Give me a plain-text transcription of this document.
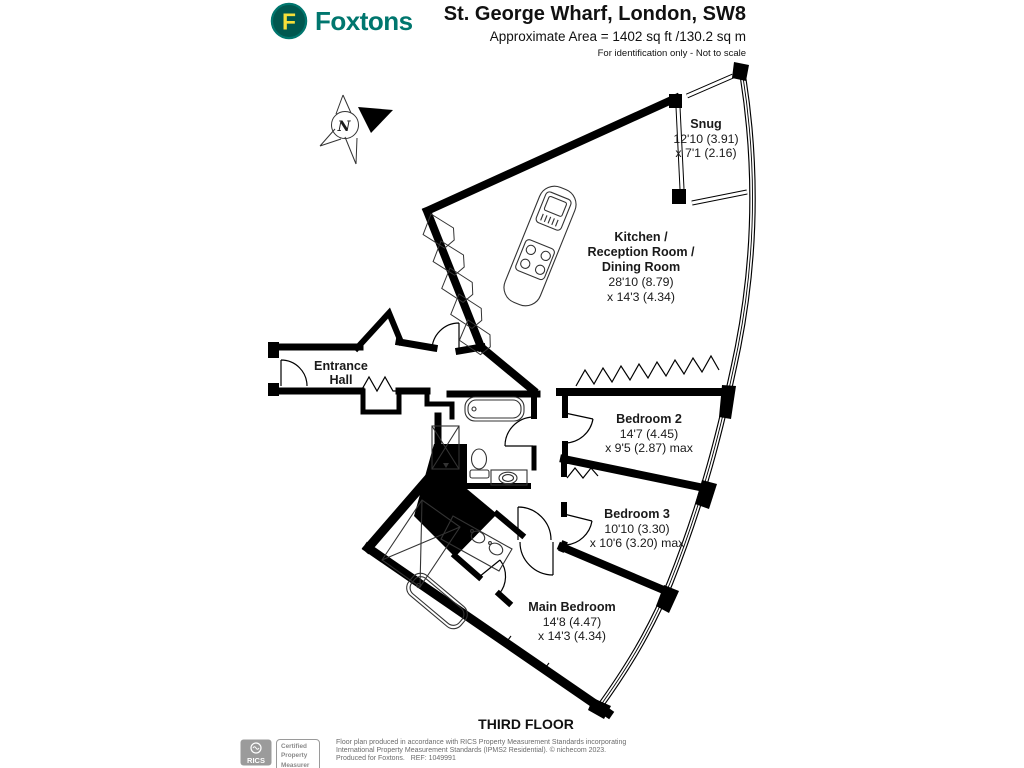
F Foxtons St. George Wharf, London, SW8
Approximate Area = 1402 sq ft /130.2 sq m
For identification only - Not to scale
N	Snug
12'10 (3.91)
x 7'1 (2.16)
Kitchen /
Reception Room /
Dining Room
28'10 (8.79)
x 14'3 (4.34)
Entrance
Hall
Bedroom 2
14'7 (4.45)
x 9'5 (2.87) max
Bedroom 3
10'10 (3.30)
x 10'6 (3.20) max
Main Bedroom
14'8 (4.47)
x 14'3 (4.34)
THIRD FLOOR
RICS
Certified
Property
Measurer
Floor plan produced in accordance with RICS Property Measurement Standards incorporating
International Property Measurement Standards (IPMS2 Residential). © nichecom 2023.
Produced for Foxtons.   REF: 1049991
